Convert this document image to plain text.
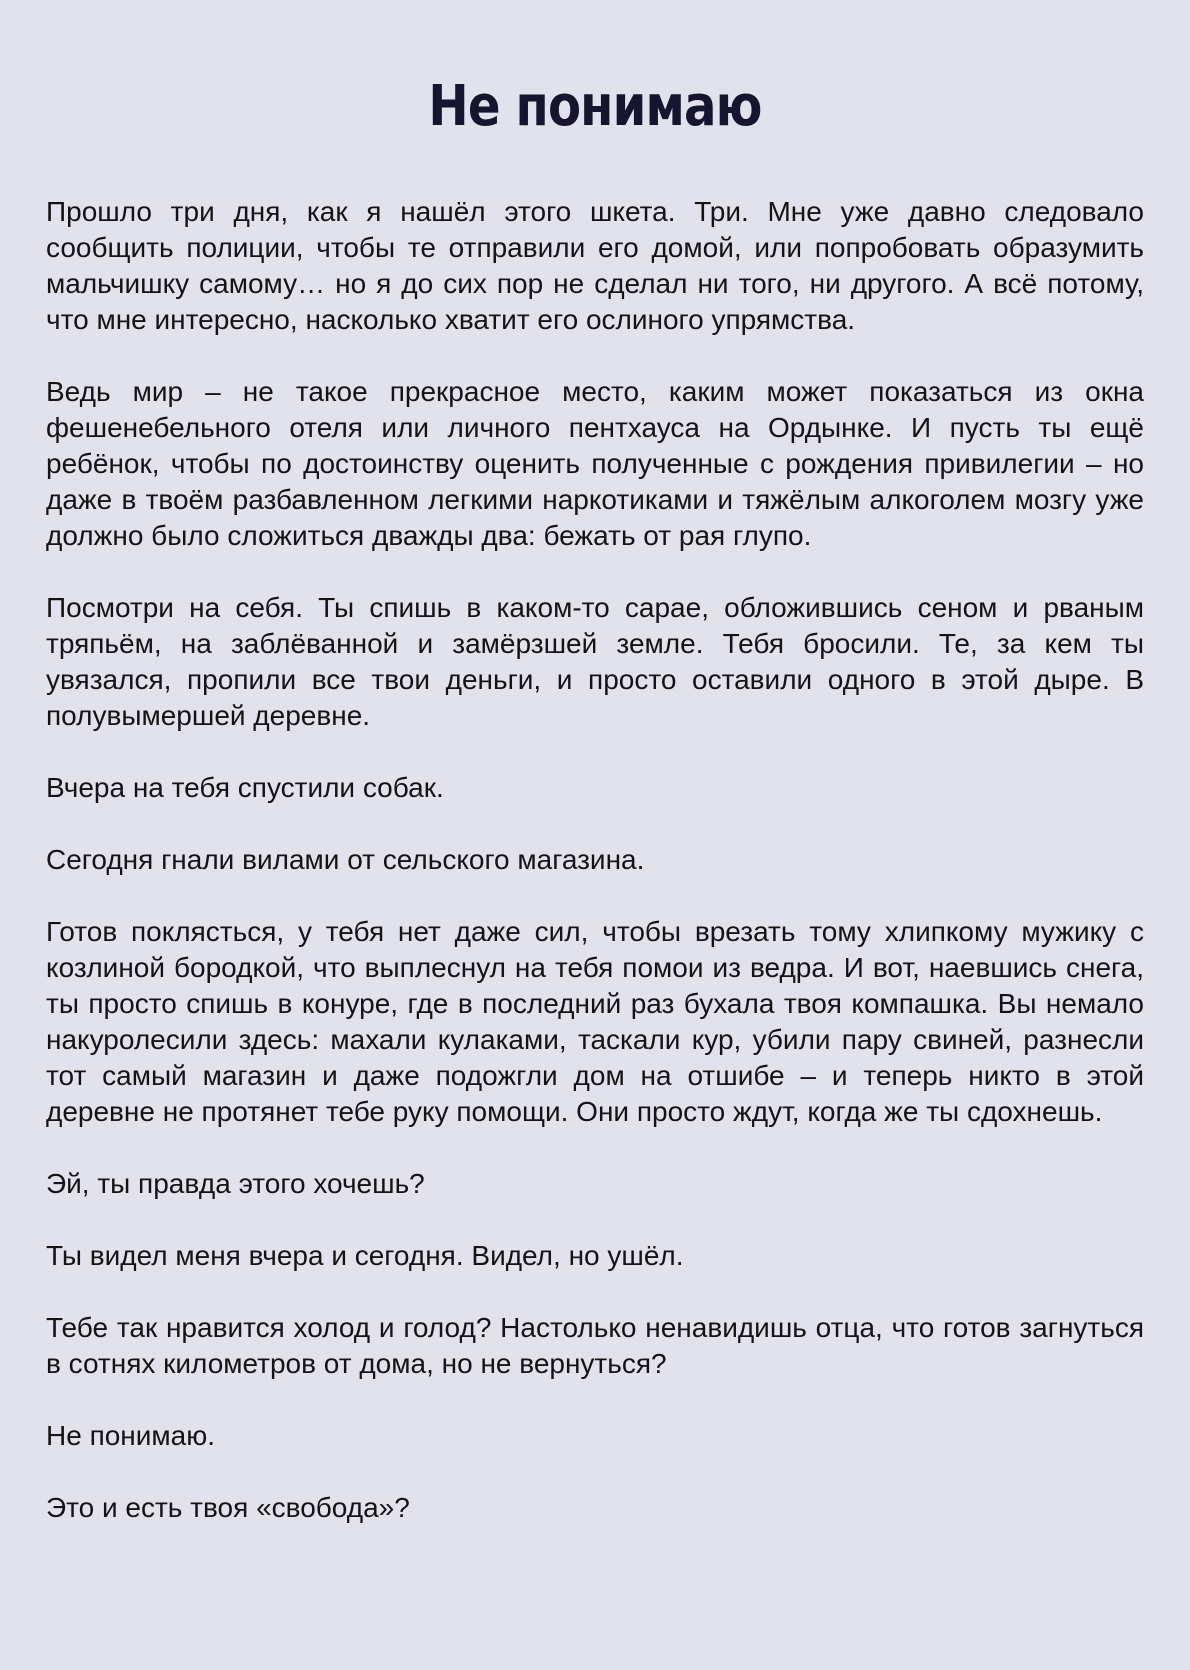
Не понимаю

Прошло три дня, как я нашёл этого шкета. Три. Мне уже давно следовало сообщить полиции, чтобы те отправили его домой, или попробовать образумить мальчишку самому… но я до сих пор не сделал ни того, ни другого. А всё потому, что мне интересно, насколько хватит его ослиного упрямства.

Ведь мир – не такое прекрасное место, каким может показаться из окна фешенебельного отеля или личного пентхауса на Ордынке. И пусть ты ещё ребёнок, чтобы по достоинству оценить полученные с рождения привилегии – но даже в твоём разбавленном легкими наркотиками и тяжёлым алкоголем мозгу уже должно было сложиться дважды два: бежать от рая глупо.

Посмотри на себя. Ты спишь в каком-то сарае, обложившись сеном и рваным тряпьём, на заблёванной и замёрзшей земле. Тебя бросили. Те, за кем ты увязался, пропили все твои деньги, и просто оставили одного в этой дыре. В полувымершей деревне.

Вчера на тебя спустили собак.

Сегодня гнали вилами от сельского магазина.

Готов поклясться, у тебя нет даже сил, чтобы врезать тому хлипкому мужику с козлиной бородкой, что выплеснул на тебя помои из ведра. И вот, наевшись снега, ты просто спишь в конуре, где в последний раз бухала твоя компашка. Вы немало накуролесили здесь: махали кулаками, таскали кур, убили пару свиней, разнесли тот самый магазин и даже подожгли дом на отшибе – и теперь никто в этой деревне не протянет тебе руку помощи. Они просто ждут, когда же ты сдохнешь.

Эй, ты правда этого хочешь?

Ты видел меня вчера и сегодня. Видел, но ушёл.

Тебе так нравится холод и голод? Настолько ненавидишь отца, что готов загнуться в сотнях километров от дома, но не вернуться?

Не понимаю.

Это и есть твоя «свобода»?
